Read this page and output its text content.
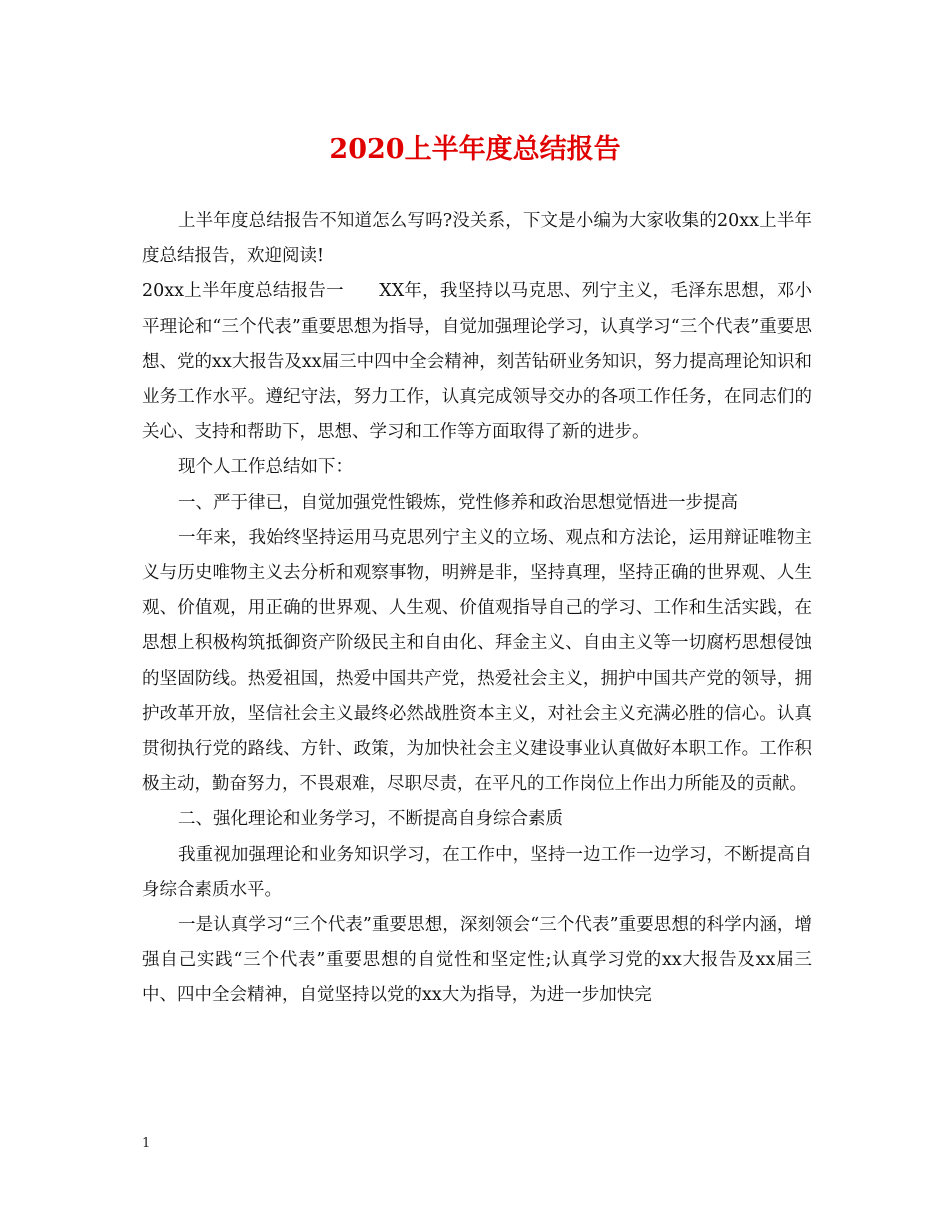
2020上半年度总结报告

上半年度总结报告不知道怎么写吗?没关系，下文是小编为大家收集的20xx上半年度总结报告，欢迎阅读!

20xx上半年度总结报告一　　XX年，我坚持以马克思、列宁主义，毛泽东思想，邓小平理论和“三个代表”重要思想为指导，自觉加强理论学习，认真学习“三个代表”重要思想、党的xx大报告及xx届三中四中全会精神，刻苦钻研业务知识，努力提高理论知识和业务工作水平。遵纪守法，努力工作，认真完成领导交办的各项工作任务，在同志们的关心、支持和帮助下，思想、学习和工作等方面取得了新的进步。

现个人工作总结如下：

一、严于律已，自觉加强党性锻炼，党性修养和政治思想觉悟进一步提高

一年来，我始终坚持运用马克思列宁主义的立场、观点和方法论，运用辩证唯物主义与历史唯物主义去分析和观察事物，明辨是非，坚持真理，坚持正确的世界观、人生观、价值观，用正确的世界观、人生观、价值观指导自己的学习、工作和生活实践，在思想上积极构筑抵御资产阶级民主和自由化、拜金主义、自由主义等一切腐朽思想侵蚀的坚固防线。热爱祖国，热爱中国共产党，热爱社会主义，拥护中国共产党的领导，拥护改革开放，坚信社会主义最终必然战胜资本主义，对社会主义充满必胜的信心。认真贯彻执行党的路线、方针、政策，为加快社会主义建设事业认真做好本职工作。工作积极主动，勤奋努力，不畏艰难，尽职尽责，在平凡的工作岗位上作出力所能及的贡献。

二、强化理论和业务学习，不断提高自身综合素质

我重视加强理论和业务知识学习，在工作中，坚持一边工作一边学习，不断提高自身综合素质水平。

一是认真学习“三个代表”重要思想，深刻领会“三个代表”重要思想的科学内涵，增强自己实践“三个代表”重要思想的自觉性和坚定性;认真学习党的xx大报告及xx届三中、四中全会精神，自觉坚持以党的xx大为指导，为进一步加快完

1
